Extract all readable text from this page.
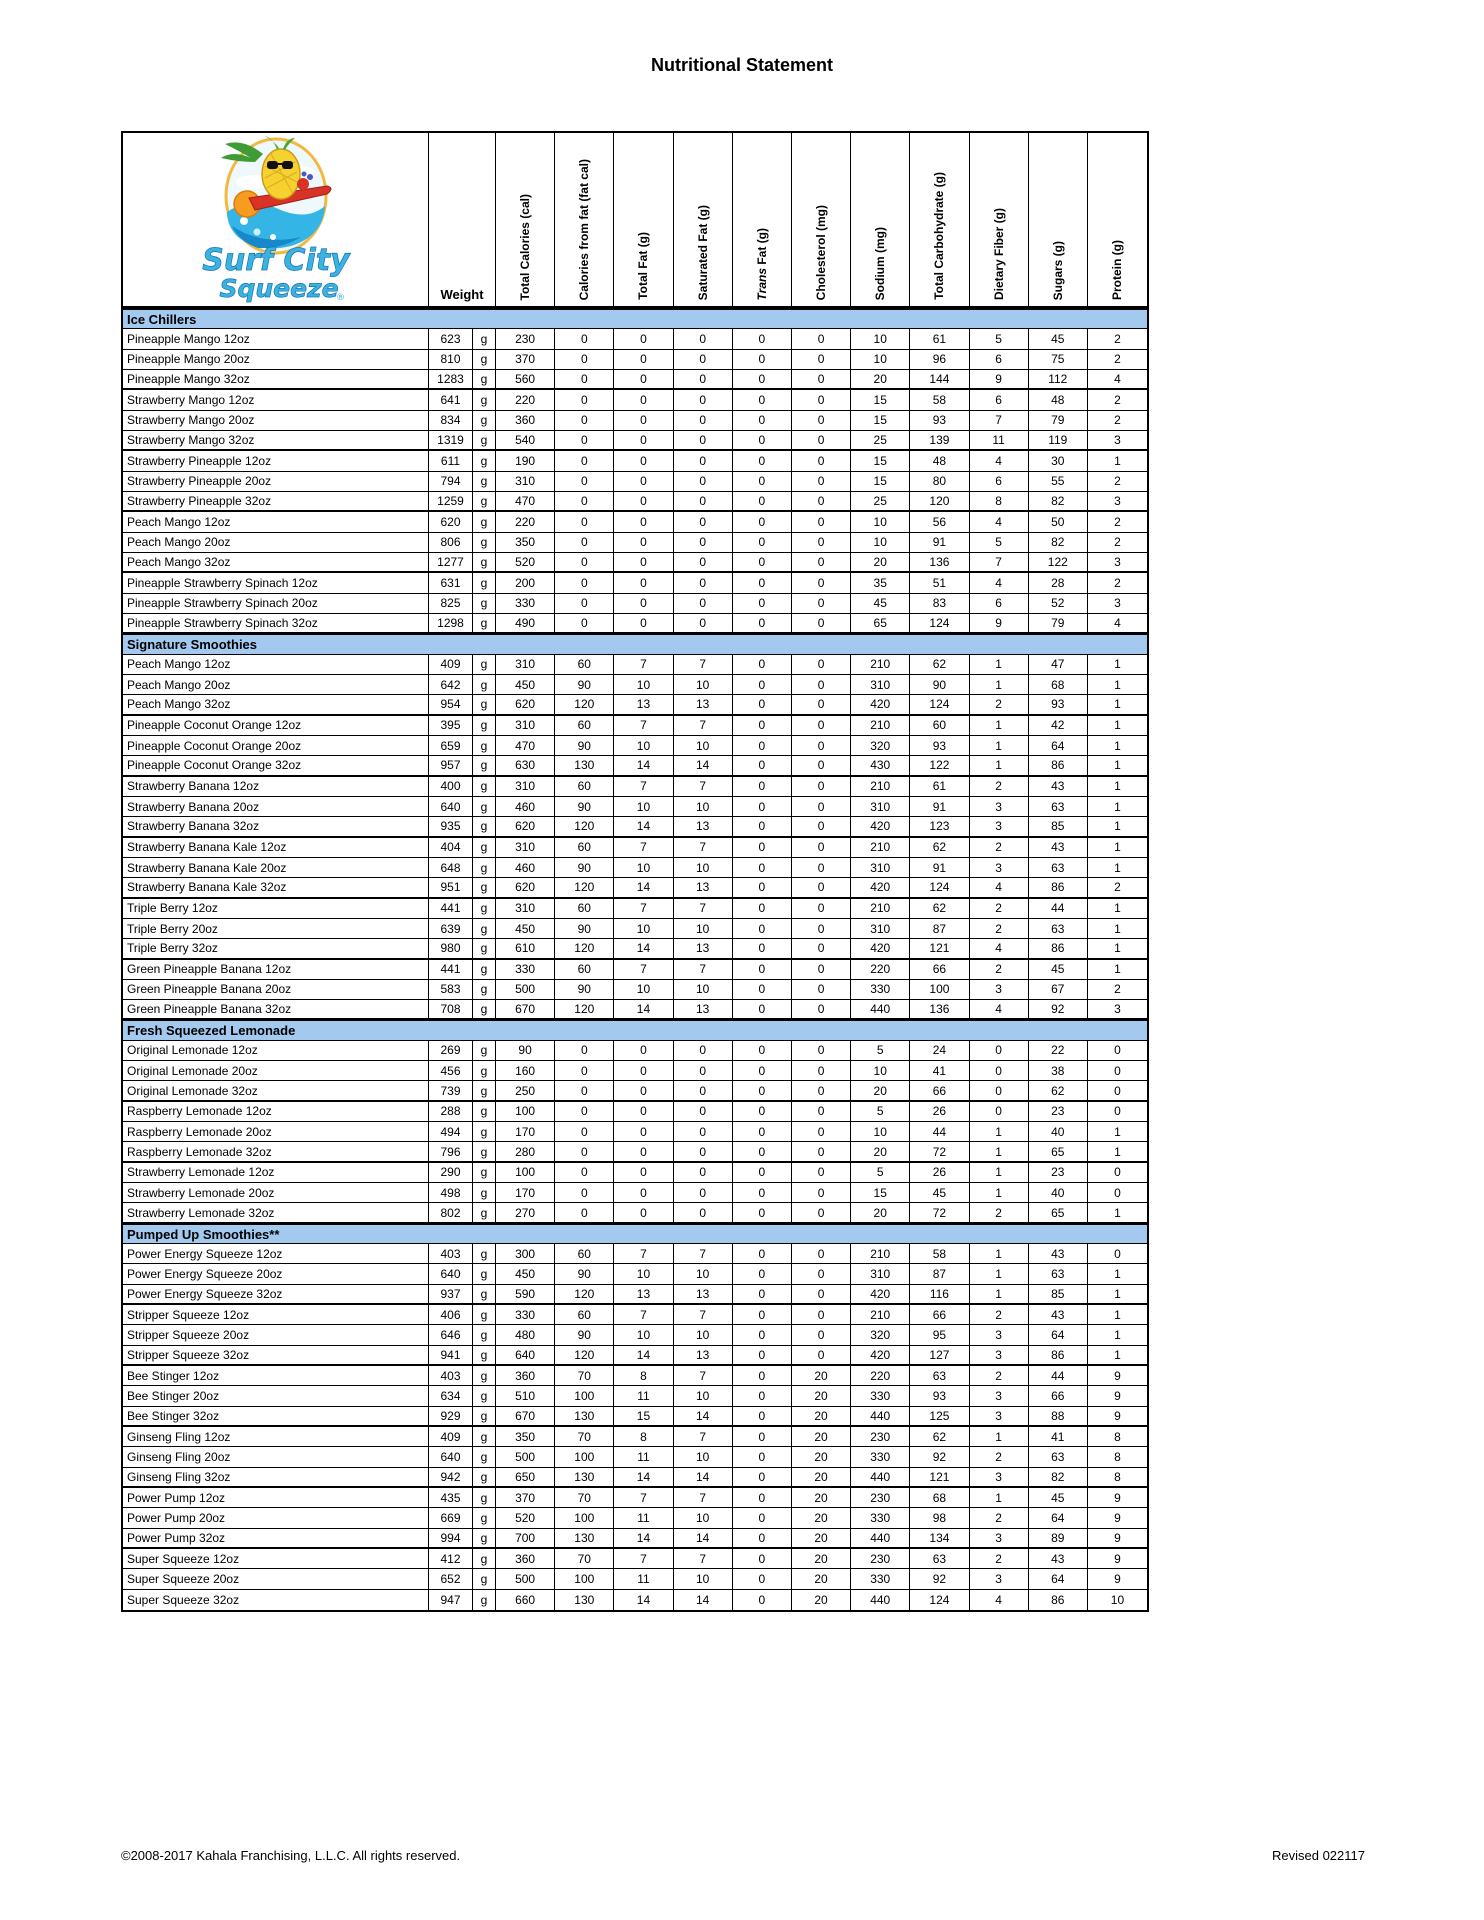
Nutritional Statement
Surf City
Squeeze
®	Weight	Total Calories (cal)	Calories from fat (fat cal)	Total Fat (g)	Saturated Fat (g)	Trans Fat (g)	Cholesterol (mg)	Sodium (mg)	Total Carbohydrate (g)	Dietary Fiber (g)	Sugars (g)	Protein (g)
Ice Chillers
Pineapple Mango 12oz	623	g	230	0	0	0	0	0	10	61	5	45	2
Pineapple Mango 20oz	810	g	370	0	0	0	0	0	10	96	6	75	2
Pineapple Mango 32oz	1283	g	560	0	0	0	0	0	20	144	9	112	4
Strawberry Mango 12oz	641	g	220	0	0	0	0	0	15	58	6	48	2
Strawberry Mango 20oz	834	g	360	0	0	0	0	0	15	93	7	79	2
Strawberry Mango 32oz	1319	g	540	0	0	0	0	0	25	139	11	119	3
Strawberry Pineapple 12oz	611	g	190	0	0	0	0	0	15	48	4	30	1
Strawberry Pineapple 20oz	794	g	310	0	0	0	0	0	15	80	6	55	2
Strawberry Pineapple 32oz	1259	g	470	0	0	0	0	0	25	120	8	82	3
Peach Mango 12oz	620	g	220	0	0	0	0	0	10	56	4	50	2
Peach Mango 20oz	806	g	350	0	0	0	0	0	10	91	5	82	2
Peach Mango 32oz	1277	g	520	0	0	0	0	0	20	136	7	122	3
Pineapple Strawberry Spinach 12oz	631	g	200	0	0	0	0	0	35	51	4	28	2
Pineapple Strawberry Spinach 20oz	825	g	330	0	0	0	0	0	45	83	6	52	3
Pineapple Strawberry Spinach 32oz	1298	g	490	0	0	0	0	0	65	124	9	79	4
Signature Smoothies
Peach Mango 12oz	409	g	310	60	7	7	0	0	210	62	1	47	1
Peach Mango 20oz	642	g	450	90	10	10	0	0	310	90	1	68	1
Peach Mango 32oz	954	g	620	120	13	13	0	0	420	124	2	93	1
Pineapple Coconut Orange 12oz	395	g	310	60	7	7	0	0	210	60	1	42	1
Pineapple Coconut Orange 20oz	659	g	470	90	10	10	0	0	320	93	1	64	1
Pineapple Coconut Orange 32oz	957	g	630	130	14	14	0	0	430	122	1	86	1
Strawberry Banana 12oz	400	g	310	60	7	7	0	0	210	61	2	43	1
Strawberry Banana 20oz	640	g	460	90	10	10	0	0	310	91	3	63	1
Strawberry Banana 32oz	935	g	620	120	14	13	0	0	420	123	3	85	1
Strawberry Banana Kale 12oz	404	g	310	60	7	7	0	0	210	62	2	43	1
Strawberry Banana Kale 20oz	648	g	460	90	10	10	0	0	310	91	3	63	1
Strawberry Banana Kale 32oz	951	g	620	120	14	13	0	0	420	124	4	86	2
Triple Berry 12oz	441	g	310	60	7	7	0	0	210	62	2	44	1
Triple Berry 20oz	639	g	450	90	10	10	0	0	310	87	2	63	1
Triple Berry 32oz	980	g	610	120	14	13	0	0	420	121	4	86	1
Green Pineapple Banana 12oz	441	g	330	60	7	7	0	0	220	66	2	45	1
Green Pineapple Banana 20oz	583	g	500	90	10	10	0	0	330	100	3	67	2
Green Pineapple Banana 32oz	708	g	670	120	14	13	0	0	440	136	4	92	3
Fresh Squeezed Lemonade
Original Lemonade 12oz	269	g	90	0	0	0	0	0	5	24	0	22	0
Original Lemonade 20oz	456	g	160	0	0	0	0	0	10	41	0	38	0
Original Lemonade 32oz	739	g	250	0	0	0	0	0	20	66	0	62	0
Raspberry Lemonade 12oz	288	g	100	0	0	0	0	0	5	26	0	23	0
Raspberry Lemonade 20oz	494	g	170	0	0	0	0	0	10	44	1	40	1
Raspberry Lemonade 32oz	796	g	280	0	0	0	0	0	20	72	1	65	1
Strawberry Lemonade 12oz	290	g	100	0	0	0	0	0	5	26	1	23	0
Strawberry Lemonade 20oz	498	g	170	0	0	0	0	0	15	45	1	40	0
Strawberry Lemonade 32oz	802	g	270	0	0	0	0	0	20	72	2	65	1
Pumped Up Smoothies**
Power Energy Squeeze 12oz	403	g	300	60	7	7	0	0	210	58	1	43	0
Power Energy Squeeze 20oz	640	g	450	90	10	10	0	0	310	87	1	63	1
Power Energy Squeeze 32oz	937	g	590	120	13	13	0	0	420	116	1	85	1
Stripper Squeeze 12oz	406	g	330	60	7	7	0	0	210	66	2	43	1
Stripper Squeeze 20oz	646	g	480	90	10	10	0	0	320	95	3	64	1
Stripper Squeeze 32oz	941	g	640	120	14	13	0	0	420	127	3	86	1
Bee Stinger 12oz	403	g	360	70	8	7	0	20	220	63	2	44	9
Bee Stinger 20oz	634	g	510	100	11	10	0	20	330	93	3	66	9
Bee Stinger 32oz	929	g	670	130	15	14	0	20	440	125	3	88	9
Ginseng Fling 12oz	409	g	350	70	8	7	0	20	230	62	1	41	8
Ginseng Fling 20oz	640	g	500	100	11	10	0	20	330	92	2	63	8
Ginseng Fling 32oz	942	g	650	130	14	14	0	20	440	121	3	82	8
Power Pump 12oz	435	g	370	70	7	7	0	20	230	68	1	45	9
Power Pump 20oz	669	g	520	100	11	10	0	20	330	98	2	64	9
Power Pump 32oz	994	g	700	130	14	14	0	20	440	134	3	89	9
Super Squeeze 12oz	412	g	360	70	7	7	0	20	230	63	2	43	9
Super Squeeze 20oz	652	g	500	100	11	10	0	20	330	92	3	64	9
Super Squeeze 32oz	947	g	660	130	14	14	0	20	440	124	4	86	10
©2008-2017 Kahala Franchising, L.L.C. All rights reserved.	Revised 022117
